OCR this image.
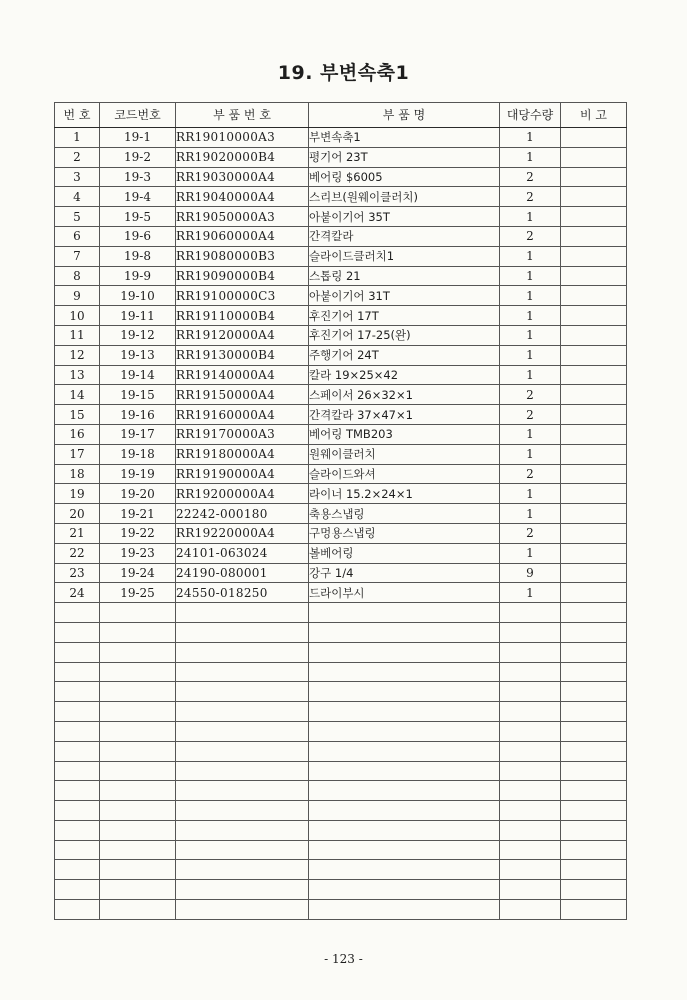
19. 부변속축1
번 호	코드번호	부 품 번 호	부 품 명	대당수량	비 고
1	19-1	RR19010000A3	부변속축1	1	
2	19-2	RR19020000B4	평기어 23T	1	
3	19-3	RR19030000A4	베어링 $6005	2	
4	19-4	RR19040000A4	스리브(원웨이클러치)	2	
5	19-5	RR19050000A3	아붙이기어 35T	1	
6	19-6	RR19060000A4	간격칼라	2	
7	19-8	RR19080000B3	슬라이드클러치1	1	
8	19-9	RR19090000B4	스톱링 21	1	
9	19-10	RR19100000C3	아붙이기어 31T	1	
10	19-11	RR19110000B4	후진기어 17T	1	
11	19-12	RR19120000A4	후진기어 17-25(완)	1	
12	19-13	RR19130000B4	주행기어 24T	1	
13	19-14	RR19140000A4	칼라 19×25×42	1	
14	19-15	RR19150000A4	스페이서 26×32×1	2	
15	19-16	RR19160000A4	간격칼라 37×47×1	2	
16	19-17	RR19170000A3	베어링 TMB203	1	
17	19-18	RR19180000A4	원웨이클러치	1	
18	19-19	RR19190000A4	슬라이드와셔	2	
19	19-20	RR19200000A4	라이너 15.2×24×1	1	
20	19-21	22242-000180	축용스냅링	1	
21	19-22	RR19220000A4	구멍용스냅링	2	
22	19-23	24101-063024	볼베어링	1	
23	19-24	24190-080001	강구 1/4	9	
24	19-25	24550-018250	드라이부시	1	

- 123 -
